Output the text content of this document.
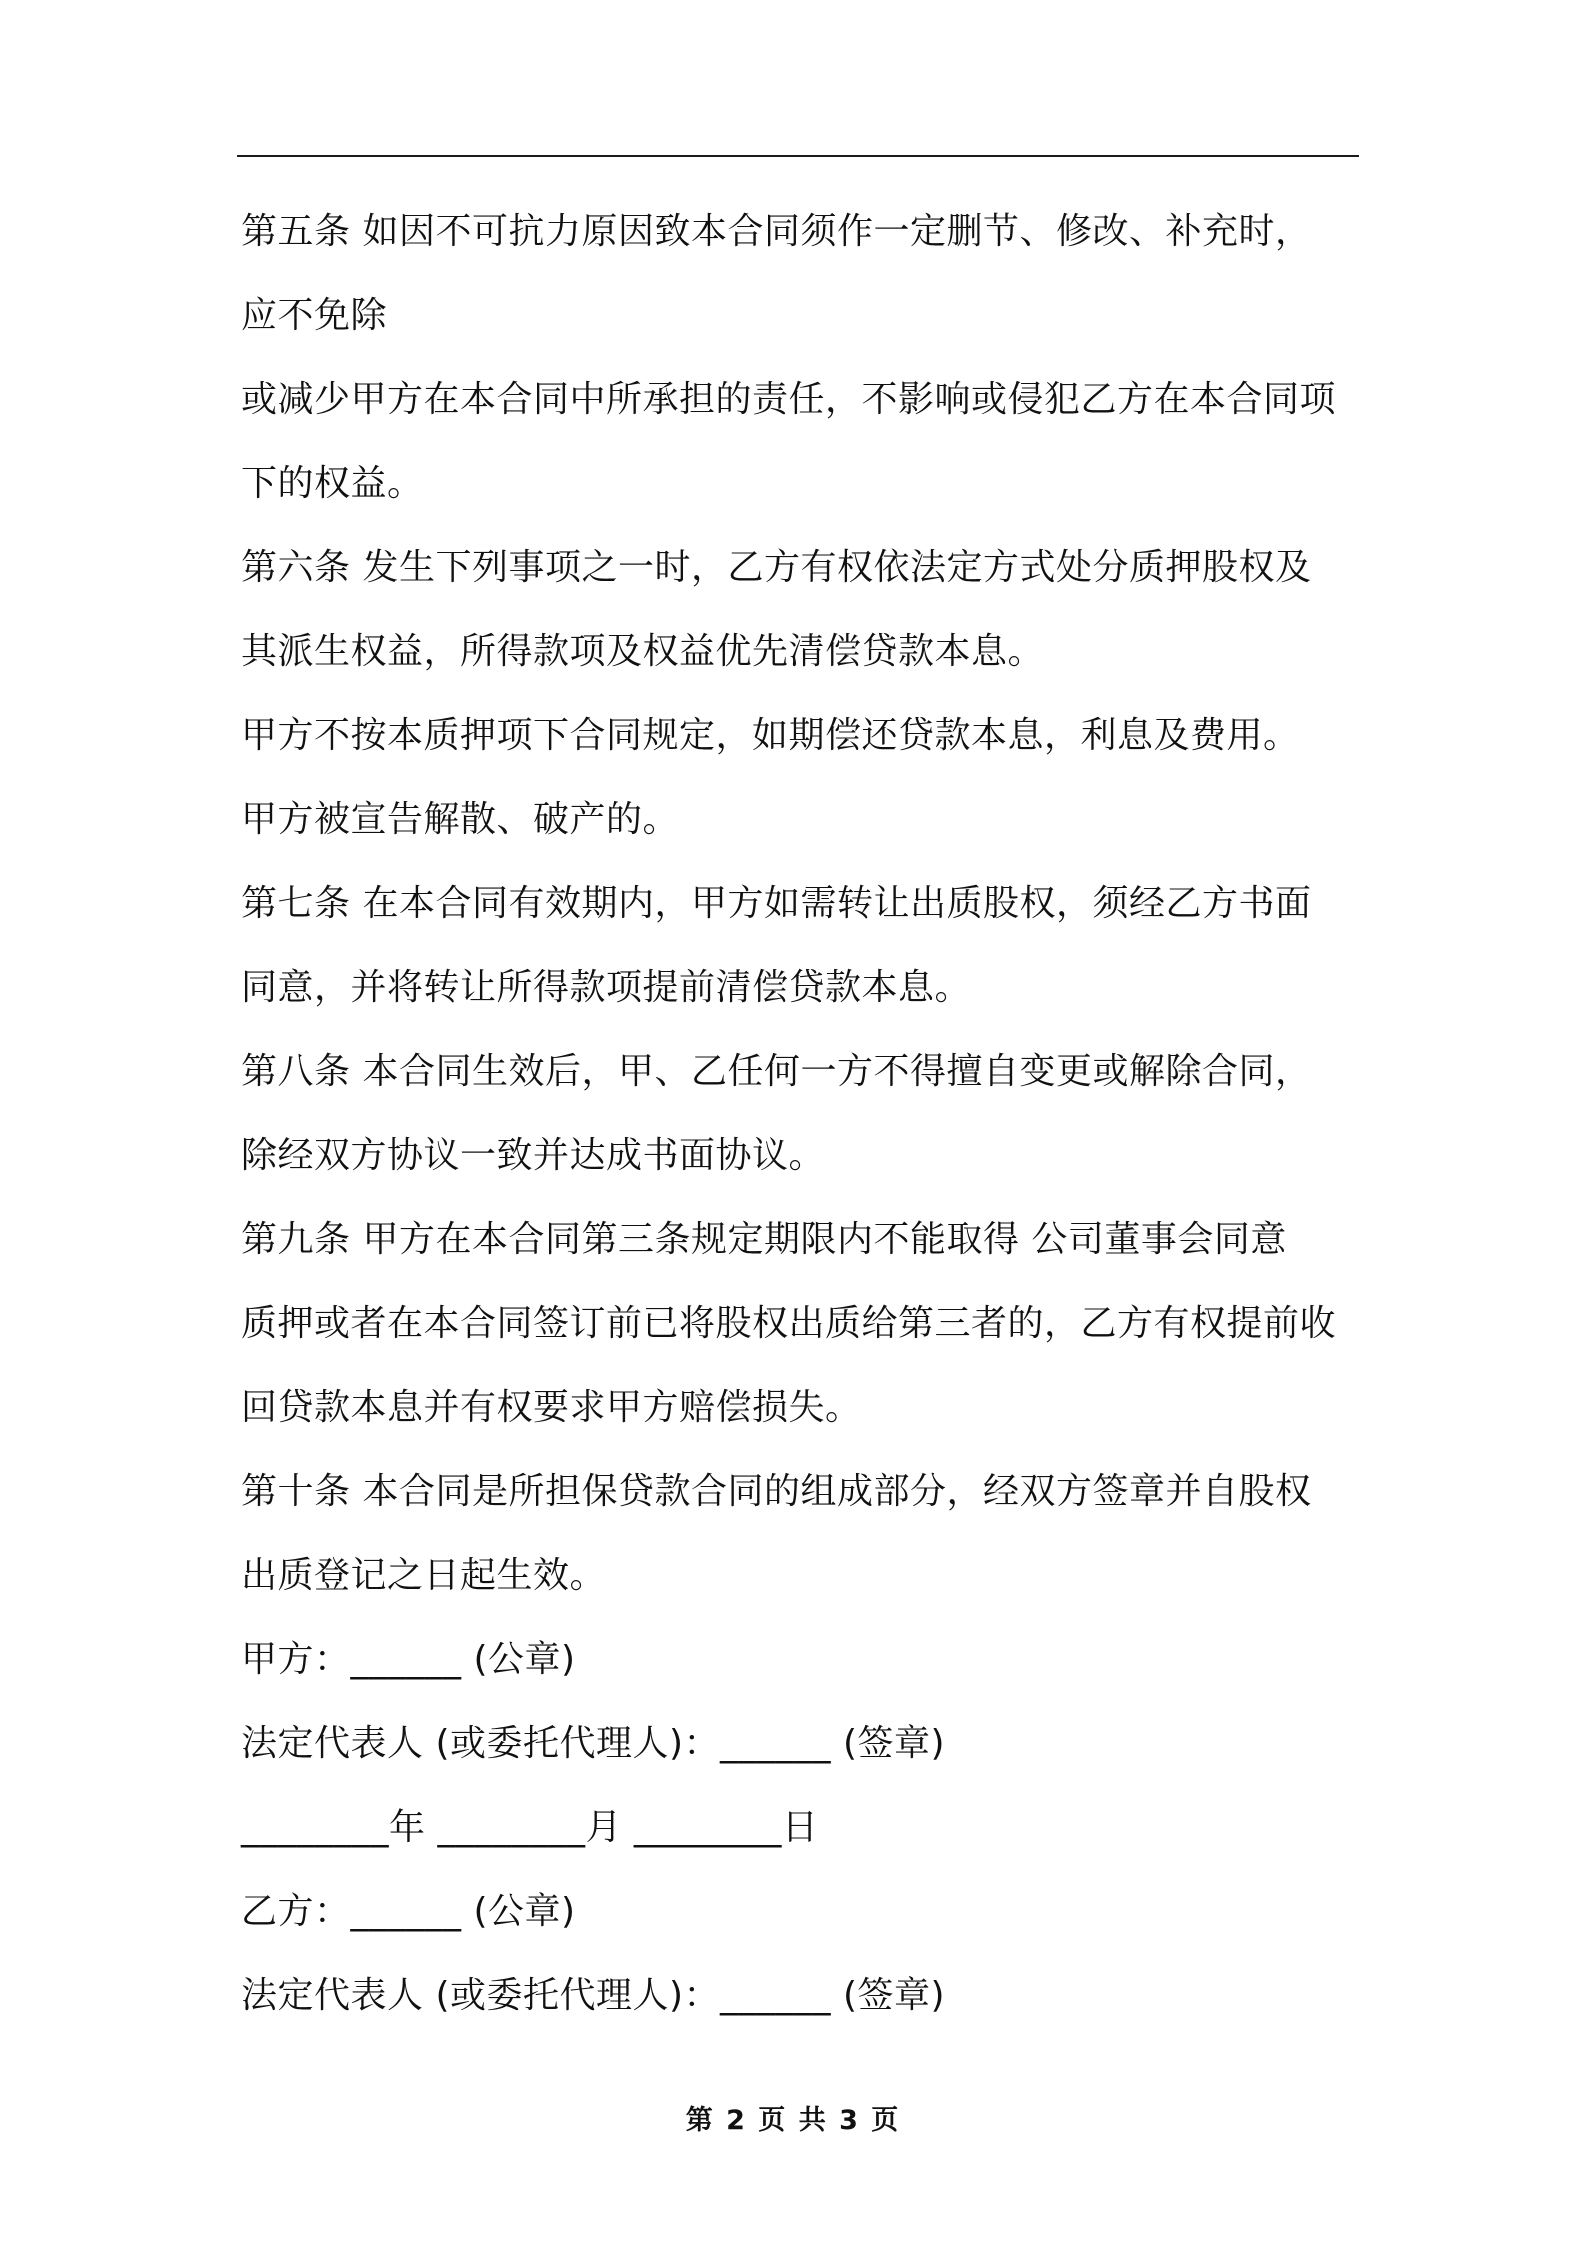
第五条 如因不可抗力原因致本合同须作一定删节、修改、补充时，

应不免除

或减少甲方在本合同中所承担的责任，不影响或侵犯乙方在本合同项

下的权益。

第六条 发生下列事项之一时，乙方有权依法定方式处分质押股权及

其派生权益，所得款项及权益优先清偿贷款本息。

甲方不按本质押项下合同规定，如期偿还贷款本息，利息及费用。

甲方被宣告解散、破产的。

第七条 在本合同有效期内，甲方如需转让出质股权，须经乙方书面

同意，并将转让所得款项提前清偿贷款本息。

第八条 本合同生效后，甲、乙任何一方不得擅自变更或解除合同，

除经双方协议一致并达成书面协议。

第九条 甲方在本合同第三条规定期限内不能取得 公司董事会同意

质押或者在本合同签订前已将股权出质给第三者的，乙方有权提前收

回贷款本息并有权要求甲方赔偿损失。

第十条 本合同是所担保贷款合同的组成部分，经双方签章并自股权

出质登记之日起生效。

甲方：______ (公章)

法定代表人 (或委托代理人)：______ (签章)

________年 ________月 ________日

乙方：______ (公章)

法定代表人 (或委托代理人)：______ (签章)

第 2 页 共 3 页
